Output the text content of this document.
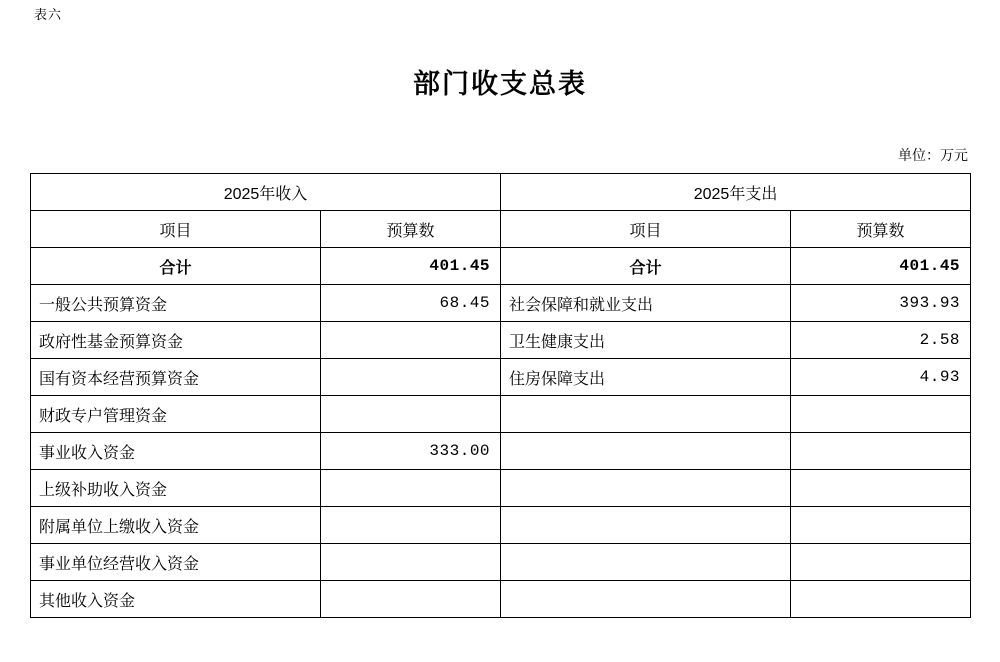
表六
部门收支总表
单位：万元
2025年收入		2025年支出	
项目	预算数	项目	预算数

合计	401.45	合计	401.45

一般公共预算资金	68.45	社会保障和就业支出	393.93

政府性基金预算资金		卫生健康支出	2.58

国有资本经营预算资金		住房保障支出	4.93

财政专户管理资金			

事业收入资金	333.00		

上级补助收入资金			

附属单位上缴收入资金			

事业单位经营收入资金			

其他收入资金			
